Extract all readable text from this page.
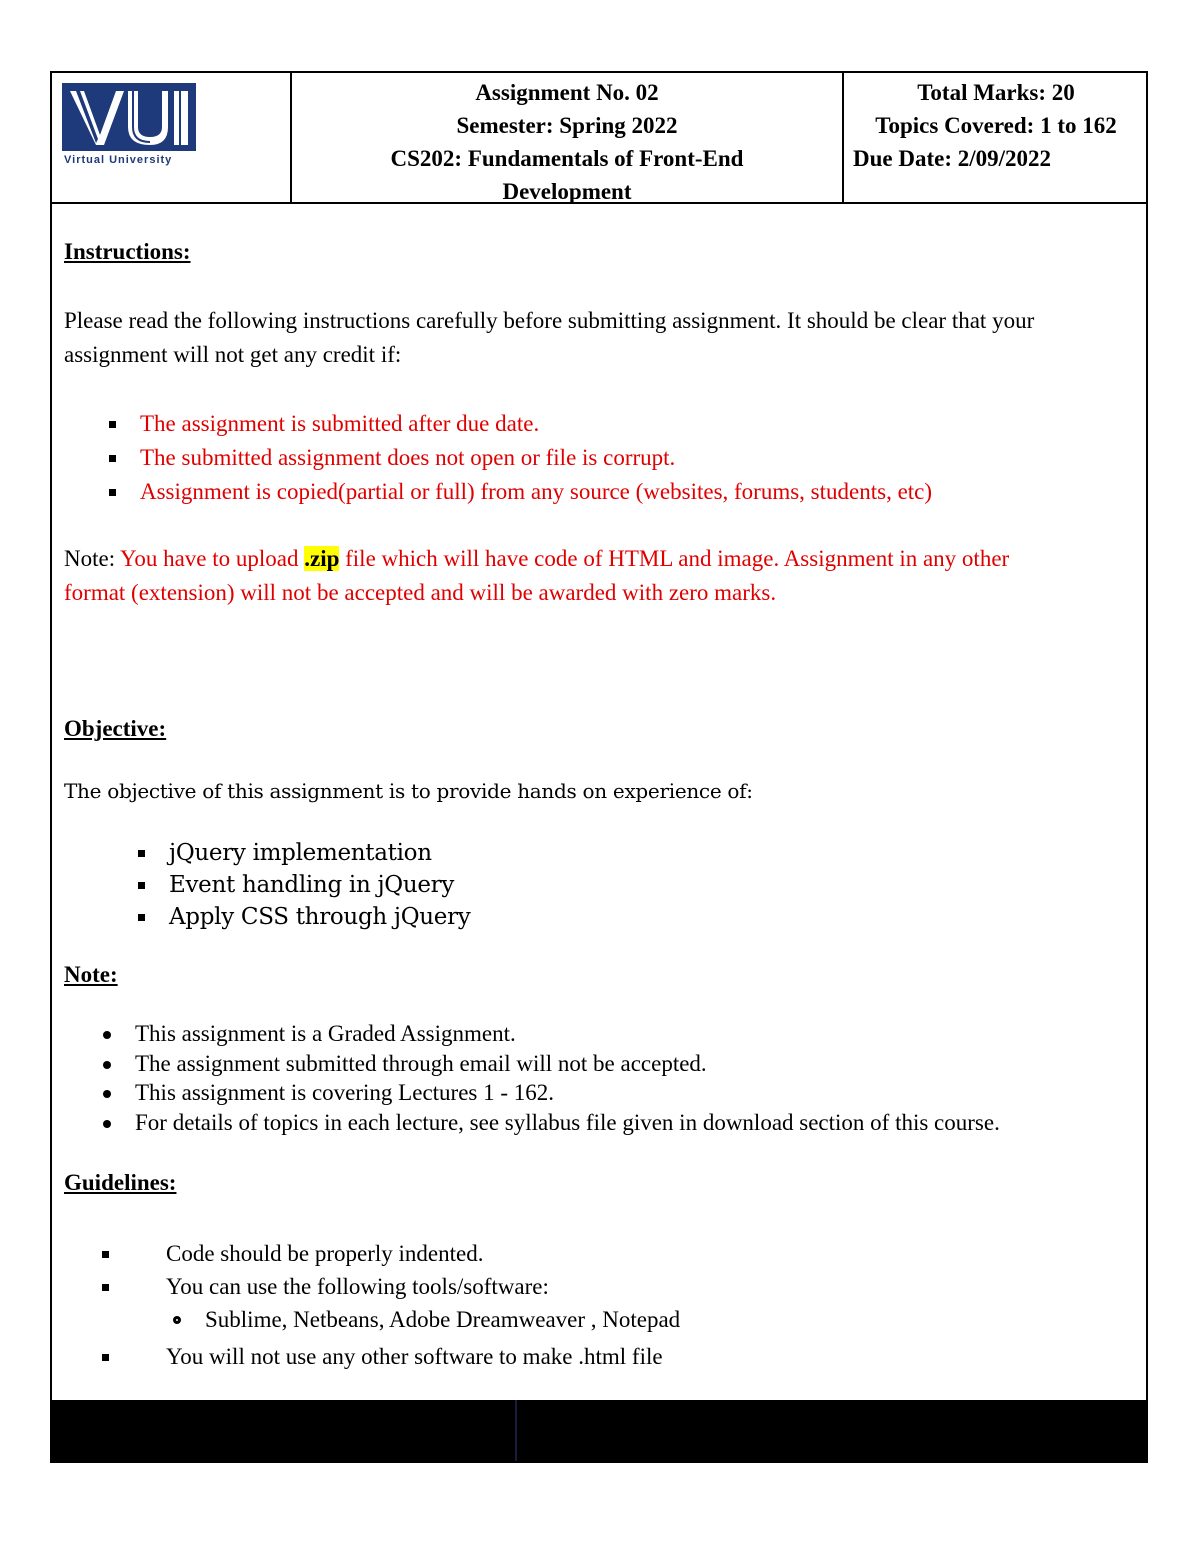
Virtual University
Assignment No. 02
Semester: Spring 2022
CS202: Fundamentals of Front-End
Development
Total Marks: 20
Topics Covered: 1 to 162
Due Date: 2/09/2022
Instructions:
Please read the following instructions carefully before submitting assignment. It should be clear that your
assignment will not get any credit if:
The assignment is submitted after due date.
The submitted assignment does not open or file is corrupt.
Assignment is copied(partial or full) from any source (websites, forums, students, etc)
Note: You have to upload .zip file which will have code of HTML and image. Assignment in any other
format (extension) will not be accepted and will be awarded with zero marks.
Objective:
The objective of this assignment is to provide hands on experience of:
jQuery implementation
Event handling in jQuery
Apply CSS through jQuery
Note:
This assignment is a Graded Assignment.
The assignment submitted through email will not be accepted.
This assignment is covering Lectures 1 - 162.
For details of topics in each lecture, see syllabus file given in download section of this course.
Guidelines:
Code should be properly indented.
You can use the following tools/software:
Sublime, Netbeans, Adobe Dreamweaver , Notepad
You will not use any other software to make .html file
